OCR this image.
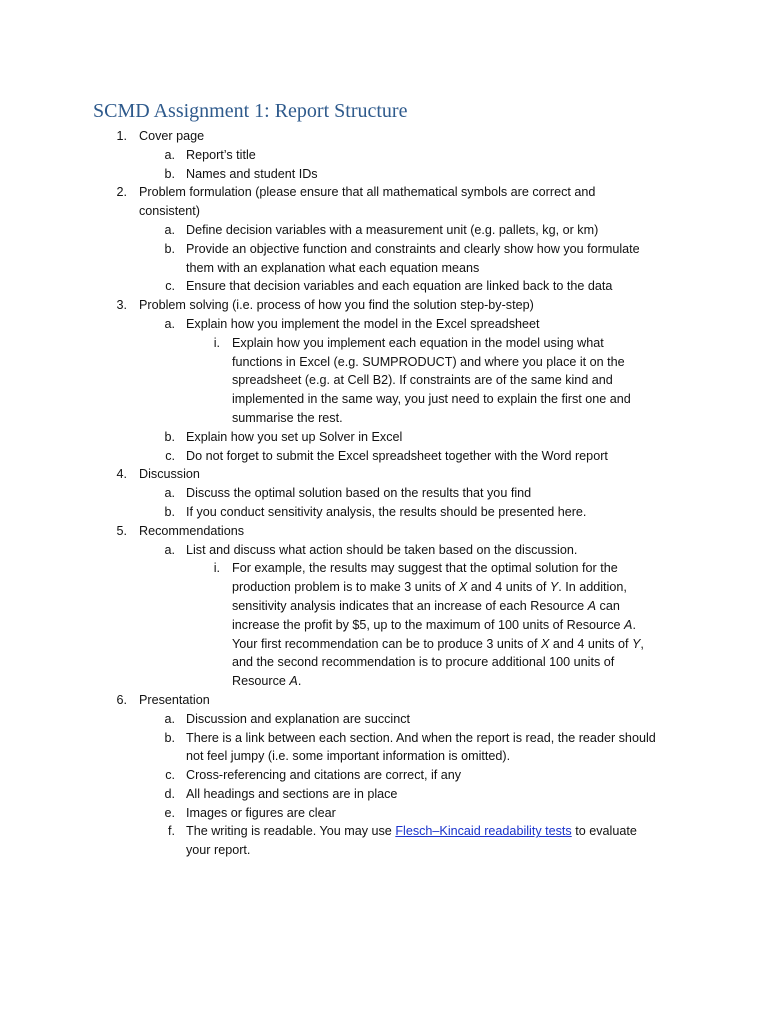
SCMD Assignment 1: Report Structure
1. Cover page
a. Report’s title
b. Names and student IDs
2. Problem formulation (please ensure that all mathematical symbols are correct and
consistent)
a. Define decision variables with a measurement unit (e.g. pallets, kg, or km)
b. Provide an objective function and constraints and clearly show how you formulate
them with an explanation what each equation means
c. Ensure that decision variables and each equation are linked back to the data
3. Problem solving (i.e. process of how you find the solution step-by-step)
a. Explain how you implement the model in the Excel spreadsheet
i. Explain how you implement each equation in the model using what
functions in Excel (e.g. SUMPRODUCT) and where you place it on the
spreadsheet (e.g. at Cell B2). If constraints are of the same kind and
implemented in the same way, you just need to explain the first one and
summarise the rest.
b. Explain how you set up Solver in Excel
c. Do not forget to submit the Excel spreadsheet together with the Word report
4. Discussion
a. Discuss the optimal solution based on the results that you find
b. If you conduct sensitivity analysis, the results should be presented here.
5. Recommendations
a. List and discuss what action should be taken based on the discussion.
i. For example, the results may suggest that the optimal solution for the
production problem is to make 3 units of X and 4 units of Y. In addition,
sensitivity analysis indicates that an increase of each Resource A can
increase the profit by $5, up to the maximum of 100 units of Resource A.
Your first recommendation can be to produce 3 units of X and 4 units of Y,
and the second recommendation is to procure additional 100 units of
Resource A.
6. Presentation
a. Discussion and explanation are succinct
b. There is a link between each section. And when the report is read, the reader should
not feel jumpy (i.e. some important information is omitted).
c. Cross-referencing and citations are correct, if any
d. All headings and sections are in place
e. Images or figures are clear
f. The writing is readable. You may use Flesch–Kincaid readability tests to evaluate
your report.
